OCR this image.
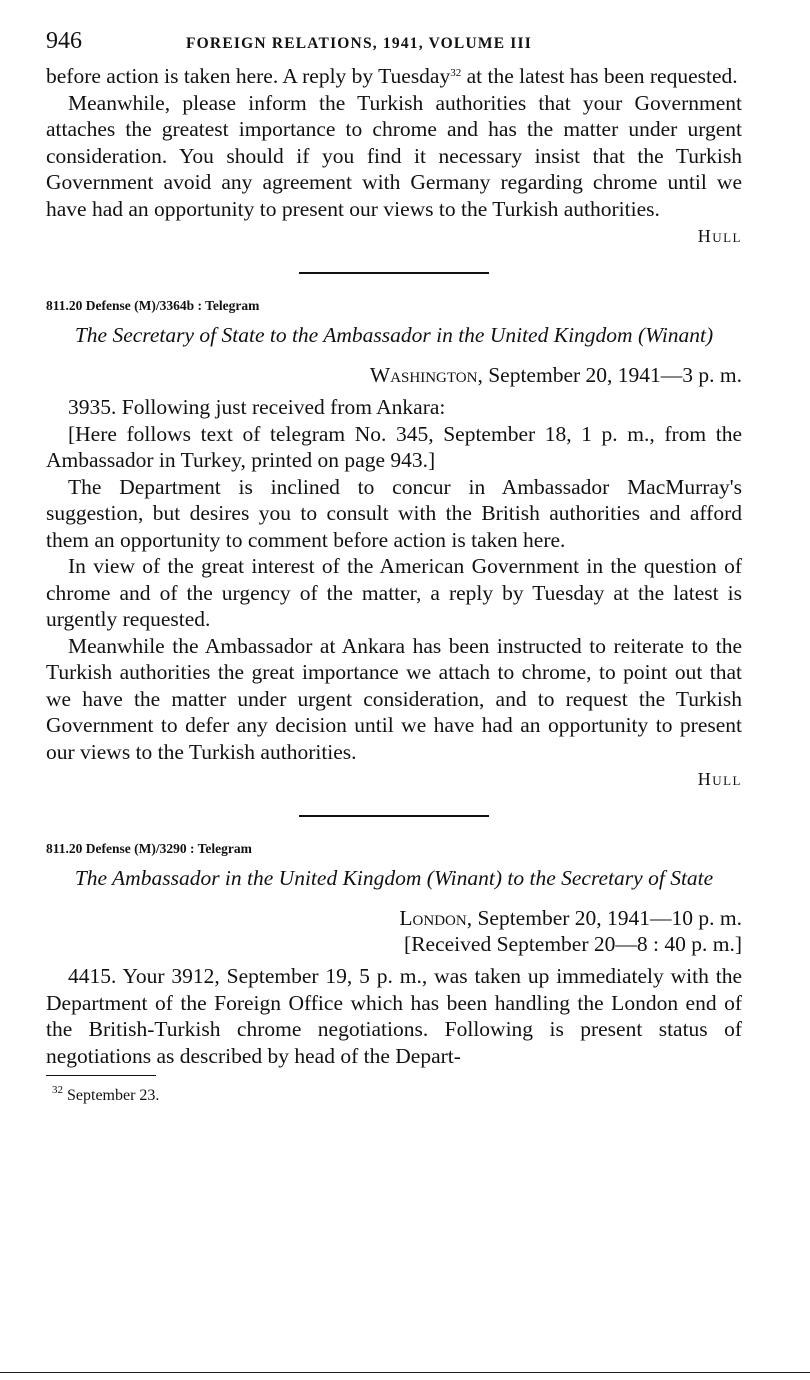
946	FOREIGN RELATIONS, 1941, VOLUME III

before action is taken here. A reply by Tuesday$^{32}$ at the latest has been requested.

Meanwhile, please inform the Turkish authorities that your Government attaches the greatest importance to chrome and has the matter under urgent consideration. You should if you find it necessary insist that the Turkish Government avoid any agreement with Germany regarding chrome until we have had an opportunity to present our views to the Turkish authorities.

Hull

811.20 Defense (M)/3364b : Telegram

The Secretary of State to the Ambassador in the United Kingdom (Winant)

Washington, September 20, 1941—3 p. m.

3935. Following just received from Ankara:

[Here follows text of telegram No. 345, September 18, 1 p. m., from the Ambassador in Turkey, printed on page 943.]

The Department is inclined to concur in Ambassador MacMurray's suggestion, but desires you to consult with the British authorities and afford them an opportunity to comment before action is taken here.

In view of the great interest of the American Government in the question of chrome and of the urgency of the matter, a reply by Tuesday at the latest is urgently requested.

Meanwhile the Ambassador at Ankara has been instructed to reiterate to the Turkish authorities the great importance we attach to chrome, to point out that we have the matter under urgent consideration, and to request the Turkish Government to defer any decision until we have had an opportunity to present our views to the Turkish authorities.

Hull

811.20 Defense (M)/3290 : Telegram

The Ambassador in the United Kingdom (Winant) to the Secretary of State

London, September 20, 1941—10 p. m.

[Received September 20—8 : 40 p. m.]

4415. Your 3912, September 19, 5 p. m., was taken up immediately with the Department of the Foreign Office which has been handling the London end of the British-Turkish chrome negotiations. Following is present status of negotiations as described by head of the Depart-

$^{32}$ September 23.
